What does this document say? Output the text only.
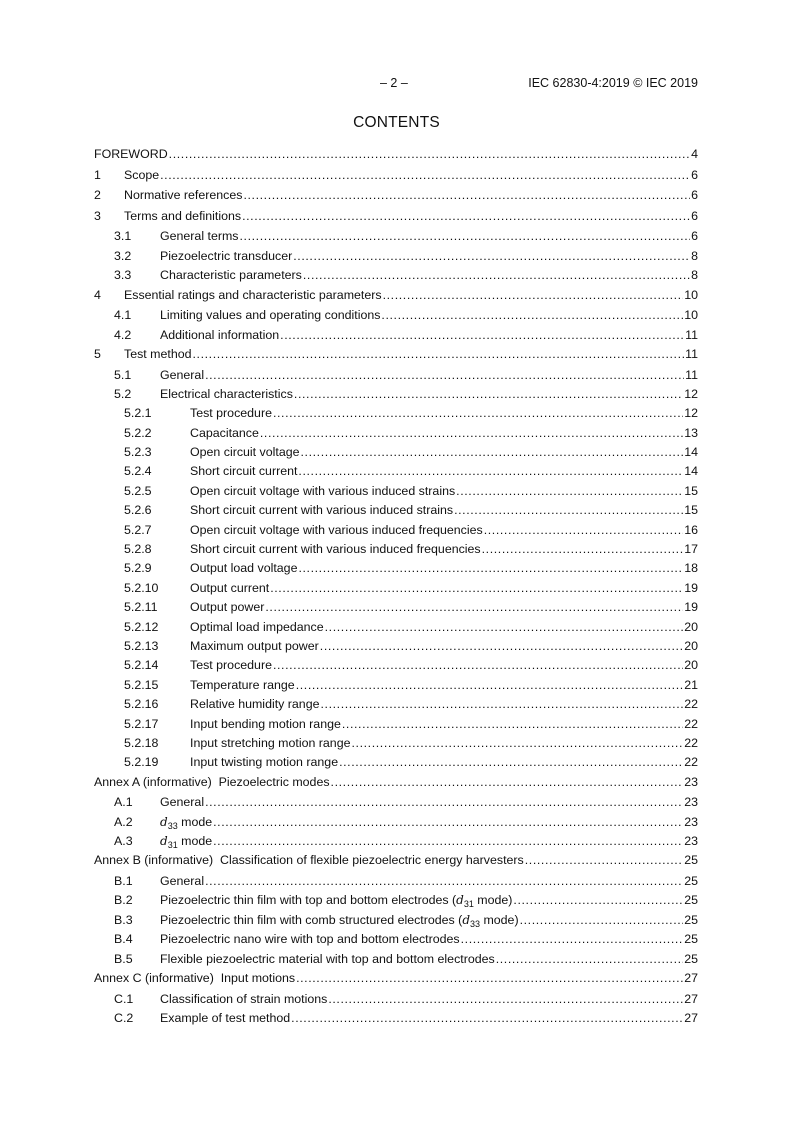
– 2 –	IEC 62830-4:2019 © IEC 2019
CONTENTS
FOREWORD .....	4
1	Scope .....	6
2	Normative references .....	6
3	Terms and definitions .....	6
3.1	General terms .....	6
3.2	Piezoelectric transducer .....	8
3.3	Characteristic parameters .....	8
4	Essential ratings and characteristic parameters .....	10
4.1	Limiting values and operating conditions .....	10
4.2	Additional information .....	11
5	Test method .....	11
5.1	General .....	11
5.2	Electrical characteristics .....	12
5.2.1	Test procedure .....	12
5.2.2	Capacitance .....	13
5.2.3	Open circuit voltage .....	14
5.2.4	Short circuit current .....	14
5.2.5	Open circuit voltage with various induced strains .....	15
5.2.6	Short circuit current with various induced strains .....	15
5.2.7	Open circuit voltage with various induced frequencies .....	16
5.2.8	Short circuit current with various induced frequencies .....	17
5.2.9	Output load voltage .....	18
5.2.10	Output current .....	19
5.2.11	Output power .....	19
5.2.12	Optimal load impedance .....	20
5.2.13	Maximum output power .....	20
5.2.14	Test procedure .....	20
5.2.15	Temperature range .....	21
5.2.16	Relative humidity range .....	22
5.2.17	Input bending motion range .....	22
5.2.18	Input stretching motion range .....	22
5.2.19	Input twisting motion range .....	22
Annex A (informative)  Piezoelectric modes .....	23
A.1	General .....	23
A.2	$d_{33}$ mode .....	23
A.3	$d_{31}$ mode .....	23
Annex B (informative)  Classification of flexible piezoelectric energy harvesters .....	25
B.1	General .....	25
B.2	Piezoelectric thin film with top and bottom electrodes ($d_{31}$ mode) .....	25
B.3	Piezoelectric thin film with comb structured electrodes ($d_{33}$ mode) .....	25
B.4	Piezoelectric nano wire with top and bottom electrodes .....	25
B.5	Flexible piezoelectric material with top and bottom electrodes .....	25
Annex C (informative)  Input motions .....	27
C.1	Classification of strain motions .....	27
C.2	Example of test method .....	27
